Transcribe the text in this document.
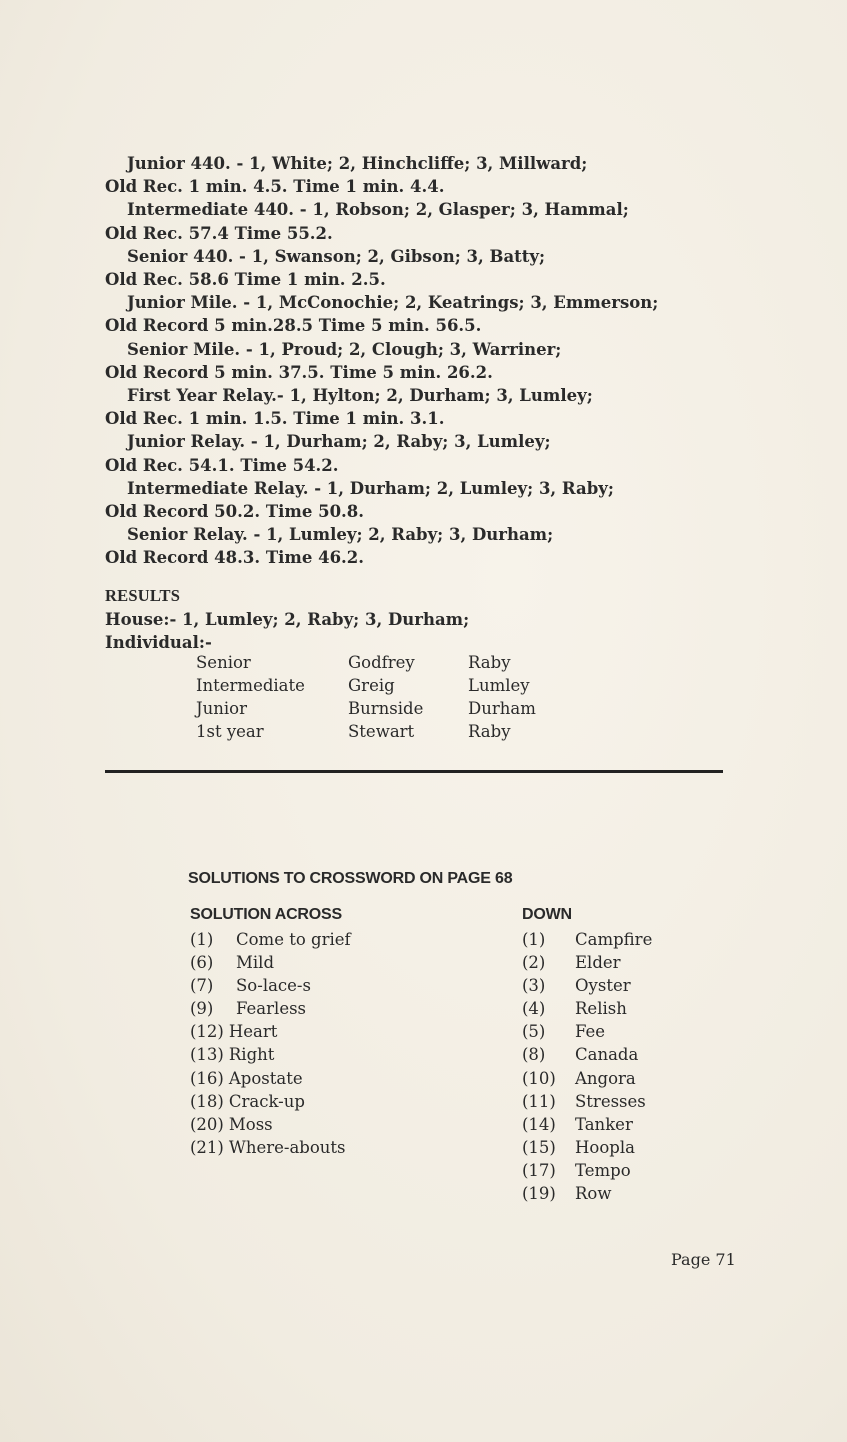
Junior 440. - 1, White; 2, Hinchcliffe; 3, Millward;

Old Rec. 1 min. 4.5. Time 1 min. 4.4.

Intermediate 440. - 1, Robson; 2, Glasper; 3, Hammal;

Old Rec. 57.4 Time 55.2.

Senior 440. - 1, Swanson; 2, Gibson; 3, Batty;

Old Rec. 58.6 Time 1 min. 2.5.

Junior Mile. - 1, McConochie; 2, Keatrings; 3, Emmerson;

Old Record 5 min.28.5 Time 5 min. 56.5.

Senior Mile. - 1, Proud; 2, Clough; 3, Warriner;

Old Record 5 min. 37.5. Time 5 min. 26.2.

First Year Relay.- 1, Hylton; 2, Durham; 3, Lumley;

Old Rec. 1 min. 1.5. Time 1 min. 3.1.

Junior Relay. - 1, Durham; 2, Raby; 3, Lumley;

Old Rec. 54.1. Time 54.2.

Intermediate Relay. - 1, Durham; 2, Lumley; 3, Raby;

Old Record 50.2. Time 50.8.

Senior Relay. - 1, Lumley; 2, Raby; 3, Durham;

Old Record 48.3. Time 46.2.

RESULTS
House:- 1, Lumley; 2, Raby; 3, Durham;
Individual:-
Senior	Godfrey	Raby
Intermediate	Greig	Lumley
Junior	Burnside	Durham
1st year	Stewart	Raby
SOLUTIONS TO CROSSWORD ON PAGE 68
SOLUTION ACROSS	DOWN
(1) Come to grief
(6) Mild
(7) So-lace-s
(9) Fearless
(12) Heart
(13) Right
(16) Apostate
(18) Crack-up
(20) Moss
(21) Where-abouts
(1) Campfire
(2) Elder
(3) Oyster
(4) Relish
(5) Fee
(8) Canada
(10) Angora
(11) Stresses
(14) Tanker
(15) Hoopla
(17) Tempo
(19) Row
Page 71
